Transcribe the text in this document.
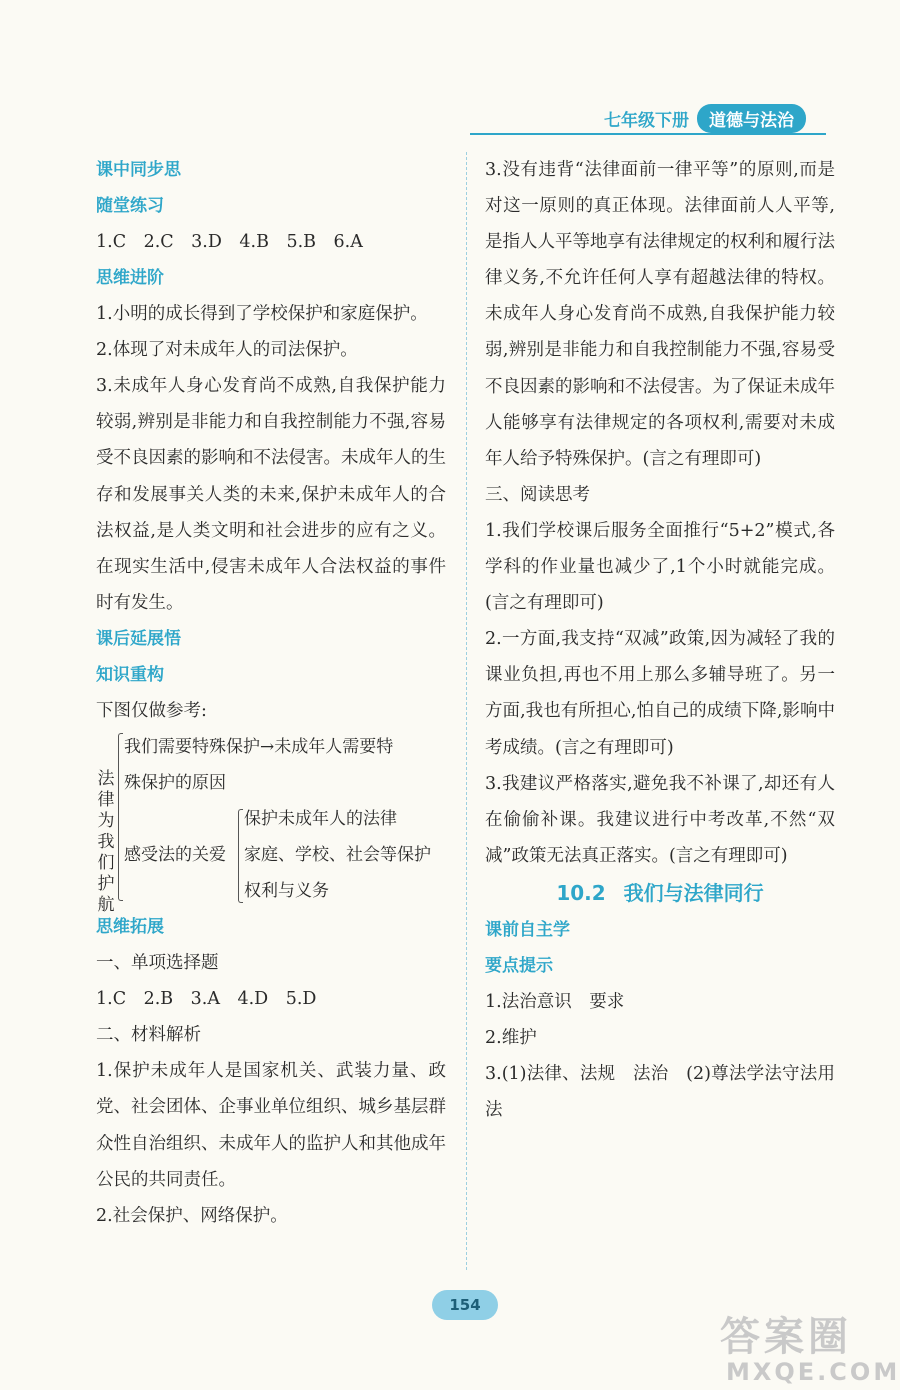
七年级下册	道德与法治

课中同步思

随堂练习

1.C　2.C　3.D　4.B　5.B　6.A

思维进阶

1.小明的成长得到了学校保护和家庭保护。

2.体现了对未成年人的司法保护。

3.未成年人身心发育尚不成熟,自我保护能力较弱,辨别是非能力和自我控制能力不强,容易受不良因素的影响和不法侵害。未成年人的生存和发展事关人类的未来,保护未成年人的合法权益,是人类文明和社会进步的应有之义。在现实生活中,侵害未成年人合法权益的事件时有发生。

课后延展悟

知识重构

下图仅做参考:

法律为我们护航
我们需要特殊保护→未成年人需要特
殊保护的原因
感受法的关爱
保护未成年人的法律
家庭、学校、社会等保护
权利与义务

思维拓展

一、单项选择题

1.C　2.B　3.A　4.D　5.D

二、材料解析

1.保护未成年人是国家机关、武装力量、政党、社会团体、企事业单位组织、城乡基层群众性自治组织、未成年人的监护人和其他成年公民的共同责任。

2.社会保护、网络保护。

3.没有违背“法律面前一律平等”的原则,而是对这一原则的真正体现。法律面前人人平等,是指人人平等地享有法律规定的权利和履行法律义务,不允许任何人享有超越法律的特权。未成年人身心发育尚不成熟,自我保护能力较弱,辨别是非能力和自我控制能力不强,容易受不良因素的影响和不法侵害。为了保证未成年人能够享有法律规定的各项权利,需要对未成年人给予特殊保护。(言之有理即可)

三、阅读思考

1.我们学校课后服务全面推行“5+2”模式,各学科的作业量也减少了,1个小时就能完成。(言之有理即可)

2.一方面,我支持“双减”政策,因为减轻了我的课业负担,再也不用上那么多辅导班了。另一方面,我也有所担心,怕自己的成绩下降,影响中考成绩。(言之有理即可)

3.我建议严格落实,避免我不补课了,却还有人在偷偷补课。我建议进行中考改革,不然“双减”政策无法真正落实。(言之有理即可)

10.2 我们与法律同行

课前自主学

要点提示

1.法治意识　要求

2.维护

3.(1)法律、法规　法治　(2)尊法学法守法用法

154
答案圈
MXQE.COM
